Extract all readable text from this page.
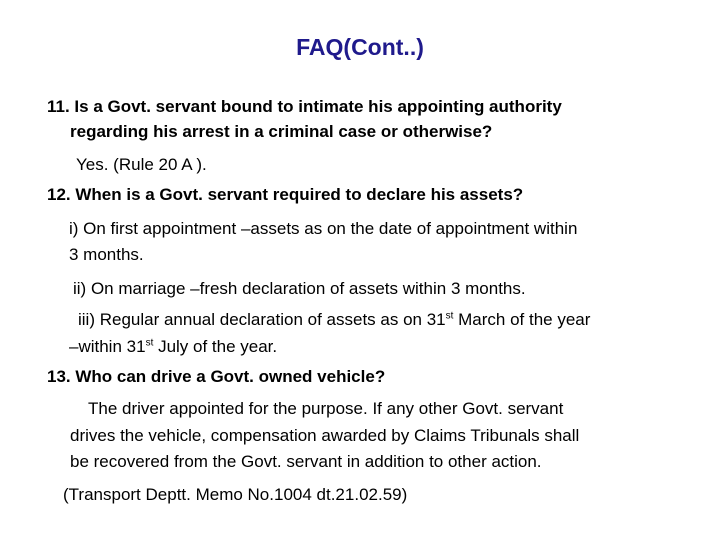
FAQ(Cont..)
11. Is a Govt. servant bound to intimate his appointing authority
regarding his arrest in a criminal case or otherwise?
Yes. (Rule 20 A ).
12. When is a Govt. servant required to declare his assets?
i) On first appointment –assets as on the date of appointment within
3 months.
ii) On marriage –fresh declaration of assets within 3 months.
iii) Regular annual declaration of assets as on 31st March of the year
–within 31st July of the year.
13. Who can drive a Govt. owned vehicle?
The driver appointed for the purpose. If any other Govt. servant
drives the vehicle, compensation awarded by Claims Tribunals shall
be recovered from the Govt. servant in addition to other action.
(Transport Deptt. Memo No.1004 dt.21.02.59)
